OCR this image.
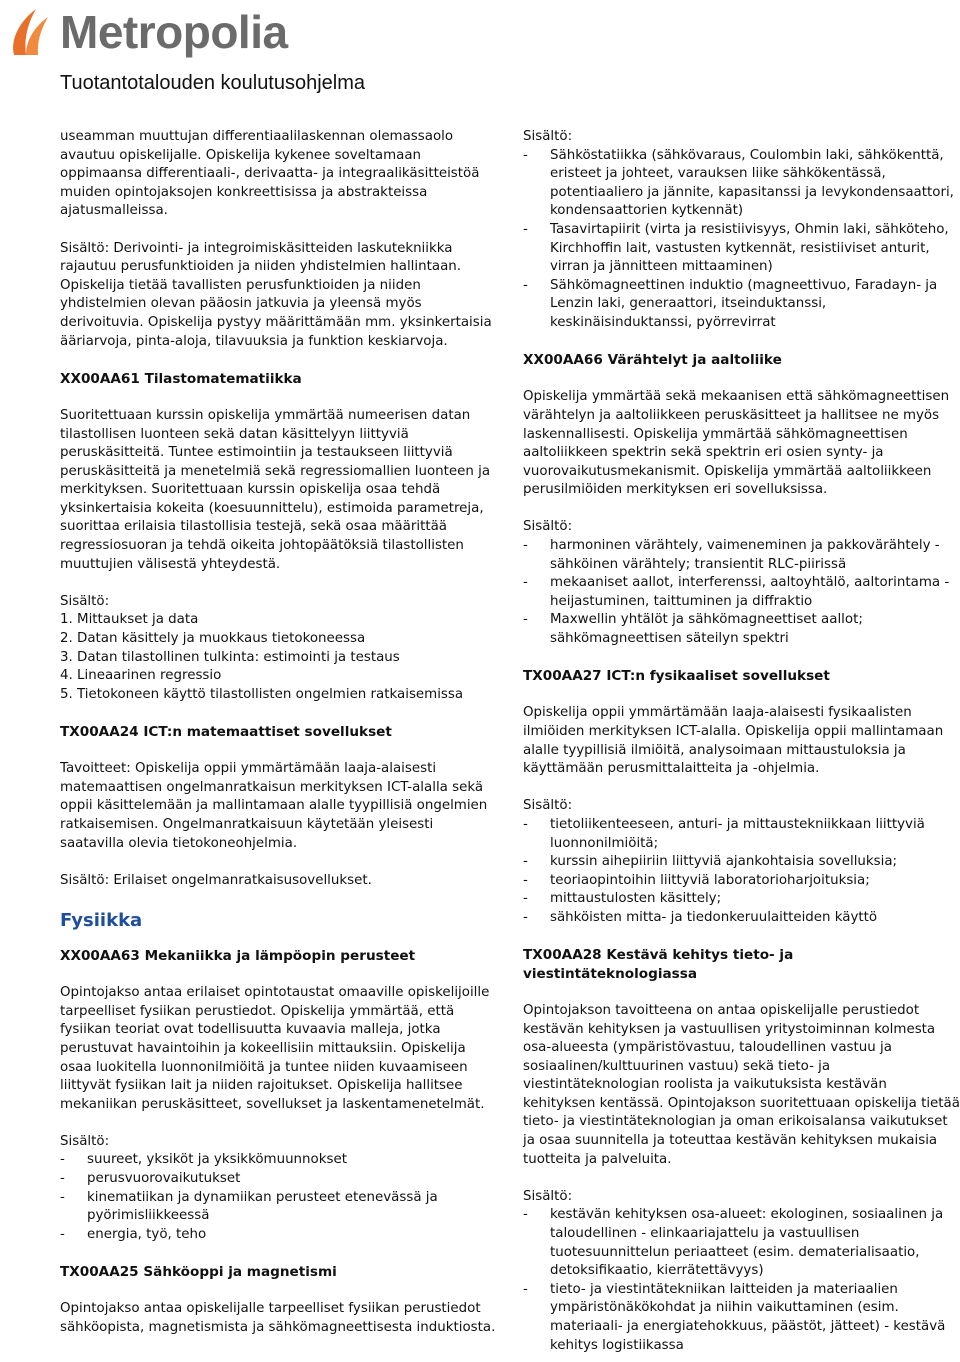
Metropolia
Tuotantotalouden koulutusohjelma

useamman muuttujan differentiaalilaskennan olemassaolo avautuu opiskelijalle. Opiskelija kykenee soveltamaan oppimaansa differentiaali-, derivaatta- ja integraalikäsitteistöä muiden opintojaksojen konkreettisissa ja abstrakteissa ajatusmalleissa.

Sisältö: Derivointi- ja integroimiskäsitteiden laskutekniikka rajautuu perusfunktioiden ja niiden yhdistelmien hallintaan. Opiskelija tietää tavallisten perusfunktioiden ja niiden yhdistelmien olevan pääosin jatkuvia ja yleensä myös derivoituvia. Opiskelija pystyy määrittämään mm. yksinkertaisia ääriarvoja, pinta-aloja, tilavuuksia ja funktion keskiarvoja.

XX00AA61 Tilastomatematiikka

Suoritettuaan kurssin opiskelija ymmärtää numeerisen datan tilastollisen luonteen sekä datan käsittelyyn liittyviä peruskäsitteitä. Tuntee estimointiin ja testaukseen liittyviä peruskäsitteitä ja menetelmiä sekä regressiomallien luonteen ja merkityksen. Suoritettuaan kurssin opiskelija osaa tehdä yksinkertaisia kokeita (koesuunnittelu), estimoida parametreja, suorittaa erilaisia tilastollisia testejä, sekä osaa määrittää regressiosuoran ja tehdä oikeita johtopäätöksiä tilastollisten muuttujien välisestä yhteydestä.

Sisältö:

1. Mittaukset ja data
2. Datan käsittely ja muokkaus tietokoneessa
3. Datan tilastollinen tulkinta: estimointi ja testaus
4. Lineaarinen regressio
5. Tietokoneen käyttö tilastollisten ongelmien ratkaisemissa
TX00AA24 ICT:n matemaattiset sovellukset

Tavoitteet: Opiskelija oppii ymmärtämään laaja-alaisesti matemaattisen ongelmanratkaisun merkityksen ICT-alalla sekä oppii käsittelemään ja mallintamaan alalle tyypillisiä ongelmien ratkaisemisen. Ongelmanratkaisuun käytetään yleisesti saatavilla olevia tietokoneohjelmia.

Sisältö: Erilaiset ongelmanratkaisusovellukset.

Fysiikka
XX00AA63 Mekaniikka ja lämpöopin perusteet

Opintojakso antaa erilaiset opintotaustat omaaville opiskelijoille tarpeelliset fysiikan perustiedot. Opiskelija ymmärtää, että fysiikan teoriat ovat todellisuutta kuvaavia malleja, jotka perustuvat havaintoihin ja kokeellisiin mittauksiin. Opiskelija osaa luokitella luonnonilmiöitä ja tuntee niiden kuvaamiseen liittyvät fysiikan lait ja niiden rajoitukset. Opiskelija hallitsee mekaniikan peruskäsitteet, sovellukset ja laskentamenetelmät.

Sisältö:

- suureet, yksiköt ja yksikkömuunnokset
- perusvuorovaikutukset
- kinematiikan ja dynamiikan perusteet etenevässä ja pyörimisliikkeessä
- energia, työ, teho
TX00AA25 Sähköoppi ja magnetismi

Opintojakso antaa opiskelijalle tarpeelliset fysiikan perustiedot sähköopista, magnetismista ja sähkömagneettisesta induktiosta.

Sisältö:

- Sähköstatiikka (sähkövaraus, Coulombin laki, sähkökenttä, eristeet ja johteet, varauksen liike sähkökentässä, potentiaaliero ja jännite, kapasitanssi ja levykondensaattori, kondensaattorien kytkennät)
- Tasavirtapiirit (virta ja resistiivisyys, Ohmin laki, sähköteho, Kirchhoffin lait, vastusten kytkennät, resistiiviset anturit, virran ja jännitteen mittaaminen)
- Sähkömagneettinen induktio (magneettivuo, Faradayn- ja Lenzin laki, generaattori, itseinduktanssi, keskinäisinduktanssi, pyörrevirrat
XX00AA66 Värähtelyt ja aaltoliike

Opiskelija ymmärtää sekä mekaanisen että sähkömagneettisen värähtelyn ja aaltoliikkeen peruskäsitteet ja hallitsee ne myös laskennallisesti. Opiskelija ymmärtää sähkömagneettisen aaltoliikkeen spektrin sekä spektrin eri osien synty- ja vuorovaikutusmekanismit. Opiskelija ymmärtää aaltoliikkeen perusilmiöiden merkityksen eri sovelluksissa.

Sisältö:

- harmoninen värähtely, vaimeneminen ja pakkovärähtely - sähköinen värähtely; transientit RLC-piirissä
- mekaaniset aallot, interferenssi, aaltoyhtälö, aaltorintama - heijastuminen, taittuminen ja diffraktio
- Maxwellin yhtälöt ja sähkömagneettiset aallot; sähkömagneettisen säteilyn spektri
TX00AA27 ICT:n fysikaaliset sovellukset

Opiskelija oppii ymmärtämään laaja-alaisesti fysikaalisten ilmiöiden merkityksen ICT-alalla. Opiskelija oppii mallintamaan alalle tyypillisiä ilmiöitä, analysoimaan mittaustuloksia ja käyttämään perusmittalaitteita ja -ohjelmia.

Sisältö:

- tietoliikenteeseen, anturi- ja mittaustekniikkaan liittyviä luonnonilmiöitä;
- kurssin aihepiiriin liittyviä ajankohtaisia sovelluksia;
- teoriaopintoihin liittyviä laboratorioharjoituksia;
- mittaustulosten käsittely;
- sähköisten mitta- ja tiedonkeruulaitteiden käyttö
TX00AA28 Kestävä kehitys tieto- ja viestintäteknologiassa

Opintojakson tavoitteena on antaa opiskelijalle perustiedot kestävän kehityksen ja vastuullisen yritystoiminnan kolmesta osa-alueesta (ympäristövastuu, taloudellinen vastuu ja sosiaalinen/kulttuurinen vastuu) sekä tieto- ja viestintäteknologian roolista ja vaikutuksista kestävän kehityksen kentässä. Opintojakson suoritettuaan opiskelija tietää tieto- ja viestintäteknologian ja oman erikoisalansa vaikutukset ja osaa suunnitella ja toteuttaa kestävän kehityksen mukaisia tuotteita ja palveluita.

Sisältö:

- kestävän kehityksen osa-alueet: ekologinen, sosiaalinen ja taloudellinen - elinkaariajattelu ja vastuullisen tuotesuunnittelun periaatteet (esim. dematerialisaatio, detoksifikaatio, kierrätettävyys)
- tieto- ja viestintätekniikan laitteiden ja materiaalien ympäristönäkökohdat ja niihin vaikuttaminen (esim. materiaali- ja energiatehokkuus, päästöt, jätteet) - kestävä kehitys logistiikassa
